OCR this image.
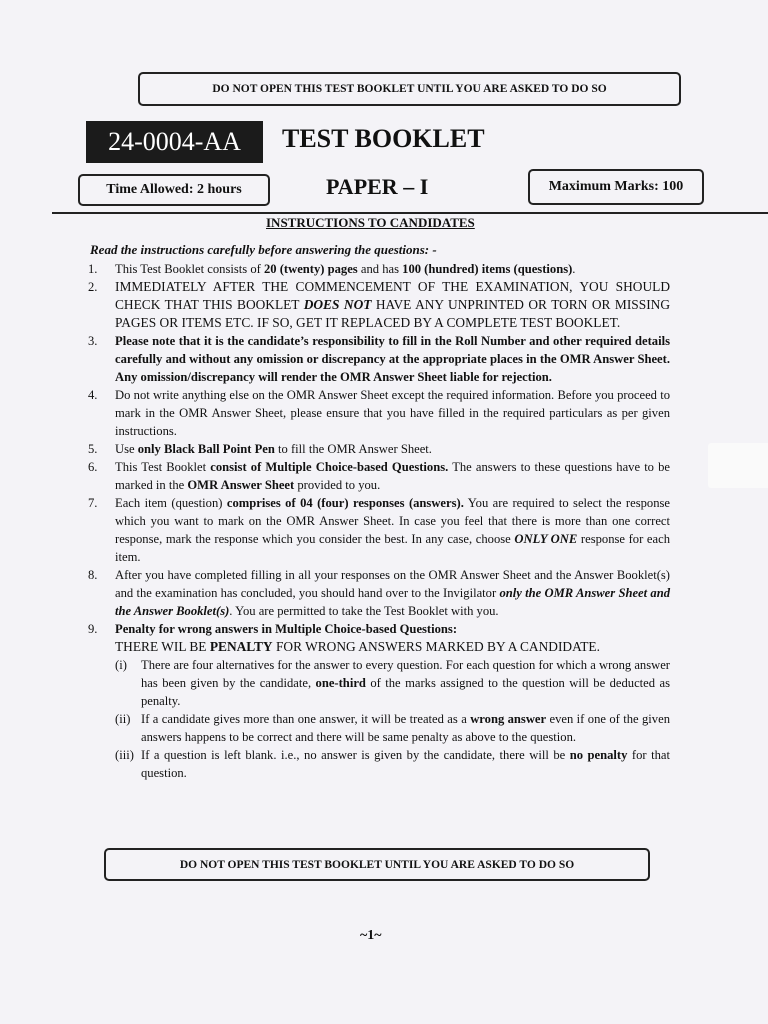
DO NOT OPEN THIS TEST BOOKLET UNTIL YOU ARE ASKED TO DO SO
24-0004-AA	TEST BOOKLET
Time Allowed: 2 hours	PAPER – I	Maximum Marks: 100
INSTRUCTIONS TO CANDIDATES
Read the instructions carefully before answering the questions: -
1. This Test Booklet consists of 20 (twenty) pages and has 100 (hundred) items (questions).
2. IMMEDIATELY AFTER THE COMMENCEMENT OF THE EXAMINATION, YOU SHOULD CHECK THAT THIS BOOKLET DOES NOT HAVE ANY UNPRINTED OR TORN OR MISSING PAGES OR ITEMS ETC. IF SO, GET IT REPLACED BY A COMPLETE TEST BOOKLET.
3. Please note that it is the candidate’s responsibility to fill in the Roll Number and other required details carefully and without any omission or discrepancy at the appropriate places in the OMR Answer Sheet. Any omission/discrepancy will render the OMR Answer Sheet liable for rejection.
4. Do not write anything else on the OMR Answer Sheet except the required information. Before you proceed to mark in the OMR Answer Sheet, please ensure that you have filled in the required particulars as per given instructions.
5. Use only Black Ball Point Pen to fill the OMR Answer Sheet.
6. This Test Booklet consist of Multiple Choice-based Questions. The answers to these questions have to be marked in the OMR Answer Sheet provided to you.
7. Each item (question) comprises of 04 (four) responses (answers). You are required to select the response which you want to mark on the OMR Answer Sheet. In case you feel that there is more than one correct response, mark the response which you consider the best. In any case, choose ONLY ONE response for each item.
8. After you have completed filling in all your responses on the OMR Answer Sheet and the Answer Booklet(s) and the examination has concluded, you should hand over to the Invigilator only the OMR Answer Sheet and the Answer Booklet(s). You are permitted to take the Test Booklet with you.
9. Penalty for wrong answers in Multiple Choice-based Questions:
THERE WIL BE PENALTY FOR WRONG ANSWERS MARKED BY A CANDIDATE.
(i) There are four alternatives for the answer to every question. For each question for which a wrong answer has been given by the candidate, one-third of the marks assigned to the question will be deducted as penalty.
(ii) If a candidate gives more than one answer, it will be treated as a wrong answer even if one of the given answers happens to be correct and there will be same penalty as above to the question.
(iii) If a question is left blank. i.e., no answer is given by the candidate, there will be no penalty for that question.
DO NOT OPEN THIS TEST BOOKLET UNTIL YOU ARE ASKED TO DO SO
~1~
